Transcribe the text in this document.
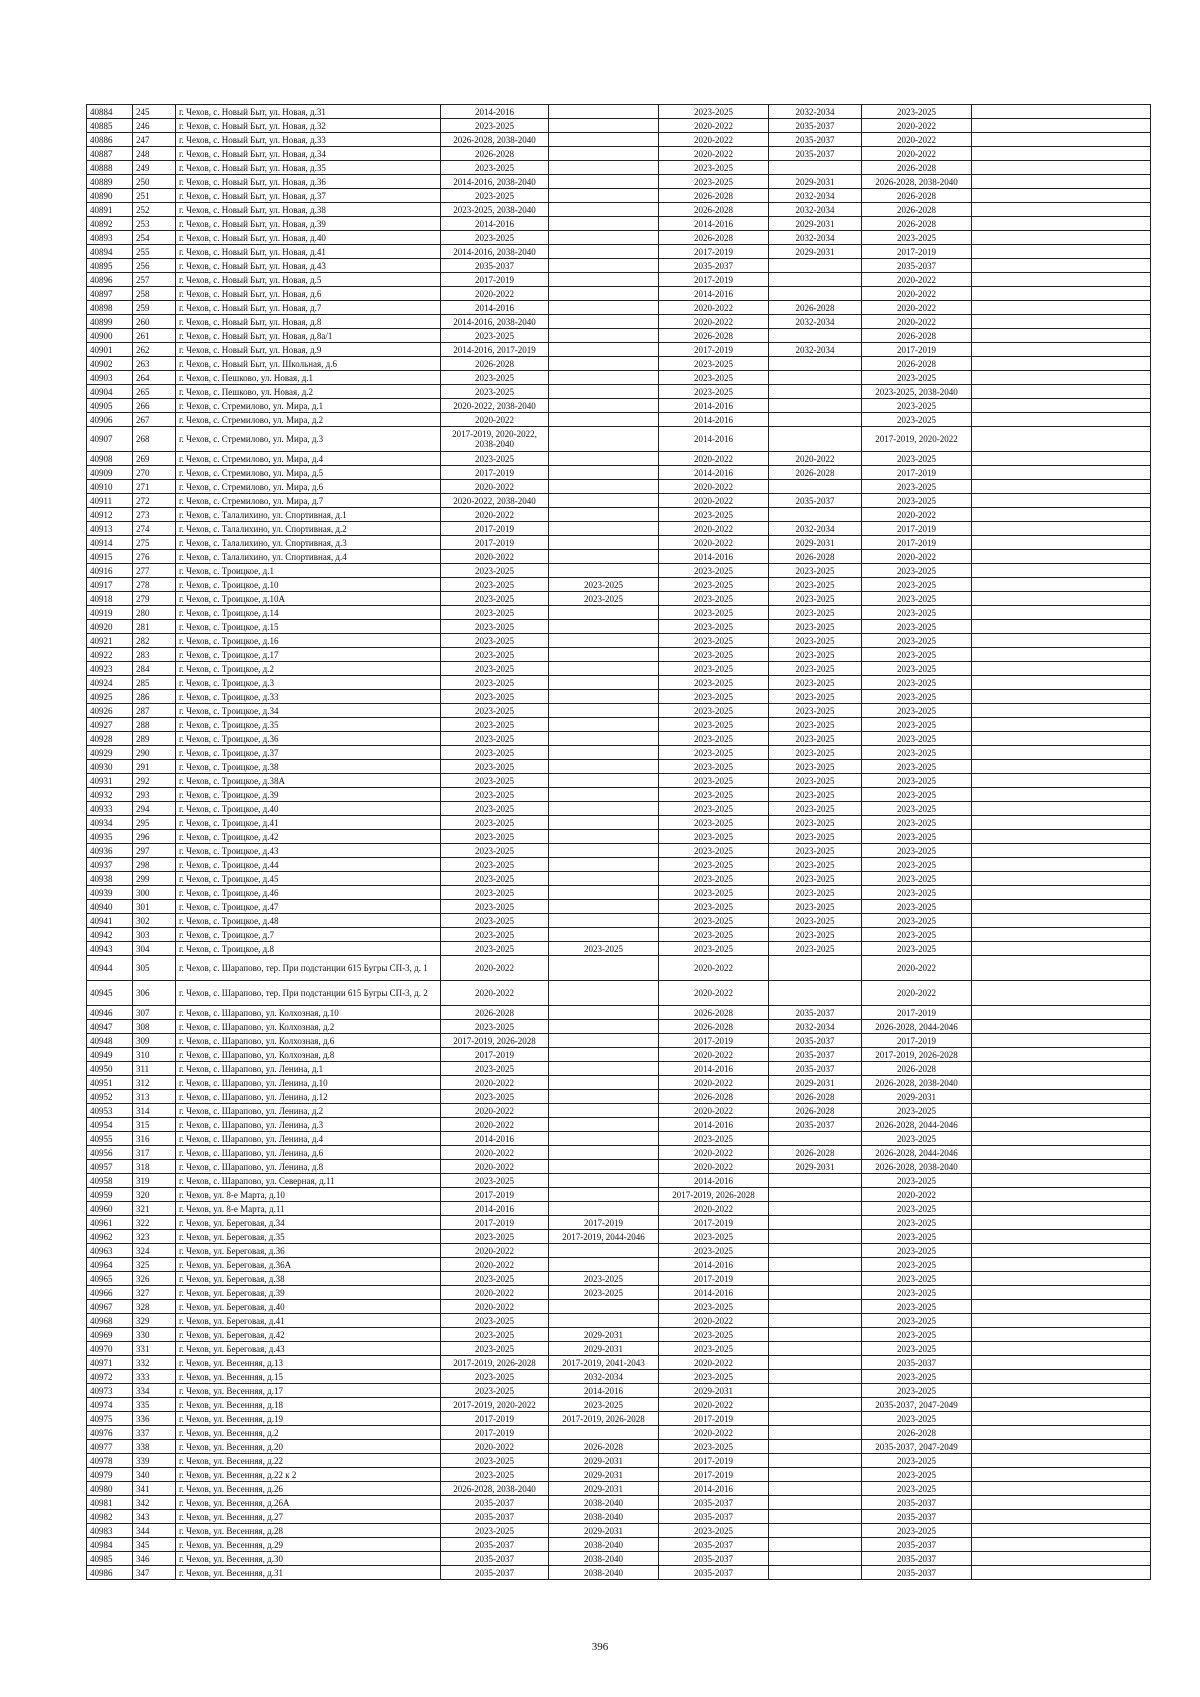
40884	245	г. Чехов, с. Новый Быт, ул. Новая, д.31	2014-2016		2023-2025	2032-2034	2023-2025	
40885	246	г. Чехов, с. Новый Быт, ул. Новая, д.32	2023-2025		2020-2022	2035-2037	2020-2022	
40886	247	г. Чехов, с. Новый Быт, ул. Новая, д.33	2026-2028, 2038-2040		2020-2022	2035-2037	2020-2022	
40887	248	г. Чехов, с. Новый Быт, ул. Новая, д.34	2026-2028		2020-2022	2035-2037	2020-2022	
40888	249	г. Чехов, с. Новый Быт, ул. Новая, д.35	2023-2025		2023-2025		2026-2028	
40889	250	г. Чехов, с. Новый Быт, ул. Новая, д.36	2014-2016, 2038-2040		2023-2025	2029-2031	2026-2028, 2038-2040	
40890	251	г. Чехов, с. Новый Быт, ул. Новая, д.37	2023-2025		2026-2028	2032-2034	2026-2028	
40891	252	г. Чехов, с. Новый Быт, ул. Новая, д.38	2023-2025, 2038-2040		2026-2028	2032-2034	2026-2028	
40892	253	г. Чехов, с. Новый Быт, ул. Новая, д.39	2014-2016		2014-2016	2029-2031	2026-2028	
40893	254	г. Чехов, с. Новый Быт, ул. Новая, д.40	2023-2025		2026-2028	2032-2034	2023-2025	
40894	255	г. Чехов, с. Новый Быт, ул. Новая, д.41	2014-2016, 2038-2040		2017-2019	2029-2031	2017-2019	
40895	256	г. Чехов, с. Новый Быт, ул. Новая, д.43	2035-2037		2035-2037		2035-2037	
40896	257	г. Чехов, с. Новый Быт, ул. Новая, д.5	2017-2019		2017-2019		2020-2022	
40897	258	г. Чехов, с. Новый Быт, ул. Новая, д.6	2020-2022		2014-2016		2020-2022	
40898	259	г. Чехов, с. Новый Быт, ул. Новая, д.7	2014-2016		2020-2022	2026-2028	2020-2022	
40899	260	г. Чехов, с. Новый Быт, ул. Новая, д.8	2014-2016, 2038-2040		2020-2022	2032-2034	2020-2022	
40900	261	г. Чехов, с. Новый Быт, ул. Новая, д.8а/1	2023-2025		2026-2028		2026-2028	
40901	262	г. Чехов, с. Новый Быт, ул. Новая, д.9	2014-2016, 2017-2019		2017-2019	2032-2034	2017-2019	
40902	263	г. Чехов, с. Новый Быт, ул. Школьная, д.6	2026-2028		2023-2025		2026-2028	
40903	264	г. Чехов, с. Пешково, ул. Новая, д.1	2023-2025		2023-2025		2023-2025	
40904	265	г. Чехов, с. Пешково, ул. Новая, д.2	2023-2025		2023-2025		2023-2025, 2038-2040	
40905	266	г. Чехов, с. Стремилово, ул. Мира, д.1	2020-2022, 2038-2040		2014-2016		2023-2025	
40906	267	г. Чехов, с. Стремилово, ул. Мира, д.2	2020-2022		2014-2016		2023-2025	
40907	268	г. Чехов, с. Стремилово, ул. Мира, д.3	2017-2019, 2020-2022, 2038-2040		2014-2016		2017-2019, 2020-2022	
40908	269	г. Чехов, с. Стремилово, ул. Мира, д.4	2023-2025		2020-2022	2020-2022	2023-2025	
40909	270	г. Чехов, с. Стремилово, ул. Мира, д.5	2017-2019		2014-2016	2026-2028	2017-2019	
40910	271	г. Чехов, с. Стремилово, ул. Мира, д.6	2020-2022		2020-2022		2023-2025	
40911	272	г. Чехов, с. Стремилово, ул. Мира, д.7	2020-2022, 2038-2040		2020-2022	2035-2037	2023-2025	
40912	273	г. Чехов, с. Талалихино, ул. Спортивная, д.1	2020-2022		2023-2025		2020-2022	
40913	274	г. Чехов, с. Талалихино, ул. Спортивная, д.2	2017-2019		2020-2022	2032-2034	2017-2019	
40914	275	г. Чехов, с. Талалихино, ул. Спортивная, д.3	2017-2019		2020-2022	2029-2031	2017-2019	
40915	276	г. Чехов, с. Талалихино, ул. Спортивная, д.4	2020-2022		2014-2016	2026-2028	2020-2022	
40916	277	г. Чехов, с. Троицкое, д.1	2023-2025		2023-2025	2023-2025	2023-2025	
40917	278	г. Чехов, с. Троицкое, д.10	2023-2025	2023-2025	2023-2025	2023-2025	2023-2025	
40918	279	г. Чехов, с. Троицкое, д.10А	2023-2025	2023-2025	2023-2025	2023-2025	2023-2025	
40919	280	г. Чехов, с. Троицкое, д.14	2023-2025		2023-2025	2023-2025	2023-2025	
40920	281	г. Чехов, с. Троицкое, д.15	2023-2025		2023-2025	2023-2025	2023-2025	
40921	282	г. Чехов, с. Троицкое, д.16	2023-2025		2023-2025	2023-2025	2023-2025	
40922	283	г. Чехов, с. Троицкое, д.17	2023-2025		2023-2025	2023-2025	2023-2025	
40923	284	г. Чехов, с. Троицкое, д.2	2023-2025		2023-2025	2023-2025	2023-2025	
40924	285	г. Чехов, с. Троицкое, д.3	2023-2025		2023-2025	2023-2025	2023-2025	
40925	286	г. Чехов, с. Троицкое, д.33	2023-2025		2023-2025	2023-2025	2023-2025	
40926	287	г. Чехов, с. Троицкое, д.34	2023-2025		2023-2025	2023-2025	2023-2025	
40927	288	г. Чехов, с. Троицкое, д.35	2023-2025		2023-2025	2023-2025	2023-2025	
40928	289	г. Чехов, с. Троицкое, д.36	2023-2025		2023-2025	2023-2025	2023-2025	
40929	290	г. Чехов, с. Троицкое, д.37	2023-2025		2023-2025	2023-2025	2023-2025	
40930	291	г. Чехов, с. Троицкое, д.38	2023-2025		2023-2025	2023-2025	2023-2025	
40931	292	г. Чехов, с. Троицкое, д.38А	2023-2025		2023-2025	2023-2025	2023-2025	
40932	293	г. Чехов, с. Троицкое, д.39	2023-2025		2023-2025	2023-2025	2023-2025	
40933	294	г. Чехов, с. Троицкое, д.40	2023-2025		2023-2025	2023-2025	2023-2025	
40934	295	г. Чехов, с. Троицкое, д.41	2023-2025		2023-2025	2023-2025	2023-2025	
40935	296	г. Чехов, с. Троицкое, д.42	2023-2025		2023-2025	2023-2025	2023-2025	
40936	297	г. Чехов, с. Троицкое, д.43	2023-2025		2023-2025	2023-2025	2023-2025	
40937	298	г. Чехов, с. Троицкое, д.44	2023-2025		2023-2025	2023-2025	2023-2025	
40938	299	г. Чехов, с. Троицкое, д.45	2023-2025		2023-2025	2023-2025	2023-2025	
40939	300	г. Чехов, с. Троицкое, д.46	2023-2025		2023-2025	2023-2025	2023-2025	
40940	301	г. Чехов, с. Троицкое, д.47	2023-2025		2023-2025	2023-2025	2023-2025	
40941	302	г. Чехов, с. Троицкое, д.48	2023-2025		2023-2025	2023-2025	2023-2025	
40942	303	г. Чехов, с. Троицкое, д.7	2023-2025		2023-2025	2023-2025	2023-2025	
40943	304	г. Чехов, с. Троицкое, д.8	2023-2025	2023-2025	2023-2025	2023-2025	2023-2025	
40944	305	г. Чехов, с. Шарапово, тер. При подстанции 615 Бугры СП-3, д. 1	2020-2022		2020-2022		2020-2022	
40945	306	г. Чехов, с. Шарапово, тер. При подстанции 615 Бугры СП-3, д. 2	2020-2022		2020-2022		2020-2022	
40946	307	г. Чехов, с. Шарапово, ул. Колхозная, д.10	2026-2028		2026-2028	2035-2037	2017-2019	
40947	308	г. Чехов, с. Шарапово, ул. Колхозная, д.2	2023-2025		2026-2028	2032-2034	2026-2028, 2044-2046	
40948	309	г. Чехов, с. Шарапово, ул. Колхозная, д.6	2017-2019, 2026-2028		2017-2019	2035-2037	2017-2019	
40949	310	г. Чехов, с. Шарапово, ул. Колхозная, д.8	2017-2019		2020-2022	2035-2037	2017-2019, 2026-2028	
40950	311	г. Чехов, с. Шарапово, ул. Ленина, д.1	2023-2025		2014-2016	2035-2037	2026-2028	
40951	312	г. Чехов, с. Шарапово, ул. Ленина, д.10	2020-2022		2020-2022	2029-2031	2026-2028, 2038-2040	
40952	313	г. Чехов, с. Шарапово, ул. Ленина, д.12	2023-2025		2026-2028	2026-2028	2029-2031	
40953	314	г. Чехов, с. Шарапово, ул. Ленина, д.2	2020-2022		2020-2022	2026-2028	2023-2025	
40954	315	г. Чехов, с. Шарапово, ул. Ленина, д.3	2020-2022		2014-2016	2035-2037	2026-2028, 2044-2046	
40955	316	г. Чехов, с. Шарапово, ул. Ленина, д.4	2014-2016		2023-2025		2023-2025	
40956	317	г. Чехов, с. Шарапово, ул. Ленина, д.6	2020-2022		2020-2022	2026-2028	2026-2028, 2044-2046	
40957	318	г. Чехов, с. Шарапово, ул. Ленина, д.8	2020-2022		2020-2022	2029-2031	2026-2028, 2038-2040	
40958	319	г. Чехов, с. Шарапово, ул. Северная, д.11	2023-2025		2014-2016		2023-2025	
40959	320	г. Чехов, ул. 8-е Марта, д.10	2017-2019		2017-2019, 2026-2028		2020-2022	
40960	321	г. Чехов, ул. 8-е Марта, д.11	2014-2016		2020-2022		2023-2025	
40961	322	г. Чехов, ул. Береговая, д.34	2017-2019	2017-2019	2017-2019		2023-2025	
40962	323	г. Чехов, ул. Береговая, д.35	2023-2025	2017-2019, 2044-2046	2023-2025		2023-2025	
40963	324	г. Чехов, ул. Береговая, д.36	2020-2022		2023-2025		2023-2025	
40964	325	г. Чехов, ул. Береговая, д.36А	2020-2022		2014-2016		2023-2025	
40965	326	г. Чехов, ул. Береговая, д.38	2023-2025	2023-2025	2017-2019		2023-2025	
40966	327	г. Чехов, ул. Береговая, д.39	2020-2022	2023-2025	2014-2016		2023-2025	
40967	328	г. Чехов, ул. Береговая, д.40	2020-2022		2023-2025		2023-2025	
40968	329	г. Чехов, ул. Береговая, д.41	2023-2025		2020-2022		2023-2025	
40969	330	г. Чехов, ул. Береговая, д.42	2023-2025	2029-2031	2023-2025		2023-2025	
40970	331	г. Чехов, ул. Береговая, д.43	2023-2025	2029-2031	2023-2025		2023-2025	
40971	332	г. Чехов, ул. Весенняя, д.13	2017-2019, 2026-2028	2017-2019, 2041-2043	2020-2022		2035-2037	
40972	333	г. Чехов, ул. Весенняя, д.15	2023-2025	2032-2034	2023-2025		2023-2025	
40973	334	г. Чехов, ул. Весенняя, д.17	2023-2025	2014-2016	2029-2031		2023-2025	
40974	335	г. Чехов, ул. Весенняя, д.18	2017-2019, 2020-2022	2023-2025	2020-2022		2035-2037, 2047-2049	
40975	336	г. Чехов, ул. Весенняя, д.19	2017-2019	2017-2019, 2026-2028	2017-2019		2023-2025	
40976	337	г. Чехов, ул. Весенняя, д.2	2017-2019		2020-2022		2026-2028	
40977	338	г. Чехов, ул. Весенняя, д.20	2020-2022	2026-2028	2023-2025		2035-2037, 2047-2049	
40978	339	г. Чехов, ул. Весенняя, д.22	2023-2025	2029-2031	2017-2019		2023-2025	
40979	340	г. Чехов, ул. Весенняя, д.22 к 2	2023-2025	2029-2031	2017-2019		2023-2025	
40980	341	г. Чехов, ул. Весенняя, д.26	2026-2028, 2038-2040	2029-2031	2014-2016		2023-2025	
40981	342	г. Чехов, ул. Весенняя, д.26А	2035-2037	2038-2040	2035-2037		2035-2037	
40982	343	г. Чехов, ул. Весенняя, д.27	2035-2037	2038-2040	2035-2037		2035-2037	
40983	344	г. Чехов, ул. Весенняя, д.28	2023-2025	2029-2031	2023-2025		2023-2025	
40984	345	г. Чехов, ул. Весенняя, д.29	2035-2037	2038-2040	2035-2037		2035-2037	
40985	346	г. Чехов, ул. Весенняя, д.30	2035-2037	2038-2040	2035-2037		2035-2037	
40986	347	г. Чехов, ул. Весенняя, д.31	2035-2037	2038-2040	2035-2037		2035-2037	
396
